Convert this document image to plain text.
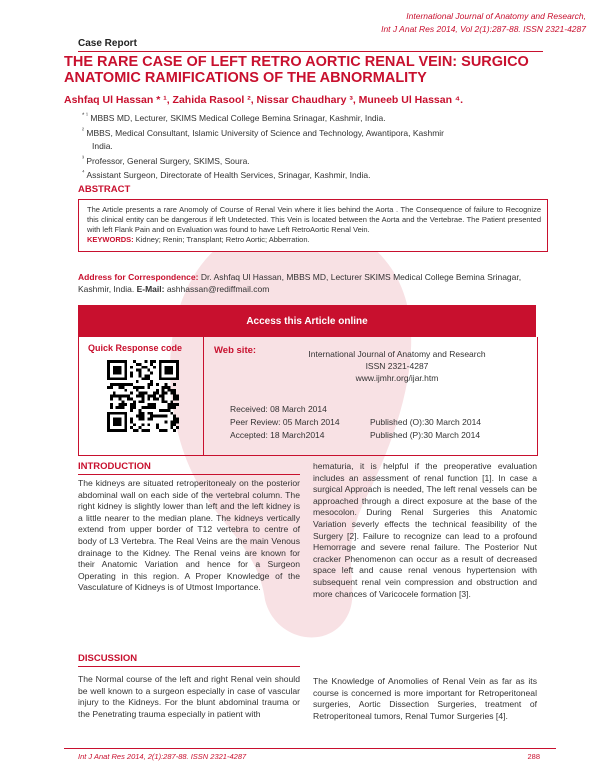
International Journal of Anatomy and Research,
Int J Anat Res 2014, Vol 2(1):287-88. ISSN 2321-4287
Case Report
THE RARE CASE OF LEFT RETRO AORTIC RENAL VEIN: SURGICO ANATOMIC RAMIFICATIONS OF THE ABNORMALITY
Ashfaq Ul Hassan * ¹, Zahida Rasool ², Nissar Chaudhary ³, Muneeb Ul Hassan ⁴.
$^{* ^1}$ MBBS MD, Lecturer, SKIMS Medical College Bemina Srinagar, Kashmir, India.
$^{^2}$ MBBS, Medical Consultant, Islamic University of Science and Technology, Awantipora, Kashmir
India.
$^{^3}$ Professor, General Surgery, SKIMS, Soura.
$^{^4}$ Assistant Surgeon, Directorate of Health Services, Srinagar, Kashmir, India.
ABSTRACT
The Article presents a rare Anomoly of Course of Renal Vein where it lies behind the Aorta . The Consequence of failure to Recognize this clinical entity can be dangerous if left Undetected. This Vein is located between the Aorta and the Vertebrae. The Patient presented with left Flank Pain and on Evaluation was found to have Left RetroAortic Renal Vein.
KEYWORDS: Kidney; Renin; Transplant; Retro Aortic; Abberration.
Address for Correspondence: Dr. Ashfaq Ul Hassan, MBBS MD, Lecturer SKIMS Medical College Bemina Srinagar, Kashmir, India. E-Mail: ashhassan@rediffmail.com
Access this Article online
Quick Response code	Web site:	International Journal of Anatomy and Research
ISSN 2321-4287
www.ijmhr.org/ijar.htm
Received: 08 March 2014
Peer Review: 05 March 2014	Published (O):30 March 2014
Accepted: 18 March2014	Published (P):30 March 2014
INTRODUCTION
The kidneys are situated retroperitonealy on the posterior abdominal wall on each side of the vertebral column. The right kidney is slightly lower than left and the left kidney is a little nearer to the median plane. The kidneys vertically extend from upper border of T12 vertebra to centre of body of L3 Vertebra. The Real Veins are the main Venous drainage to the Kidney. The Renal veins are known for their Anatomic Variation and hence for a Surgeon Operating in this region. A Proper Knowledge of the Vasculature of Kidneys is of Utmost Importance.
DISCUSSION
The Normal course of the left and right Renal vein should be well known to a surgeon especially in case of vascular injury to the Kidneys. For the blunt abdominal trauma or the Penetrating trauma especially in patient with
hematuria, it is helpful if the preoperative evaluation includes an assessment of renal function [1]. In case a surgical Approach is needed, The left renal vessels can be approached through a direct exposure at the base of the mesocolon. During Renal Surgeries this Anatomic Variation severly effects the technical feasibility of the Surgery [2]. Failure to recognize can lead to a profound Hemorrage and severe renal failure. The Posterior Nut cracker Phenomenon can occur as a result of decreased space left and cause renal venous hypertension with subsequent renal vein compression and obstruction and more chances of Varicocele formation [3].
The Knowledge of Anomolies of Renal Vein as far as its course is concerned is more important for Retroperitoneal surgeries, Aortic Dissection Surgeries, treatment of Retroperitoneal tumors, Renal Tumor Surgeries [4].
Int J Anat Res 2014, 2(1):287-88. ISSN 2321-4287	288
